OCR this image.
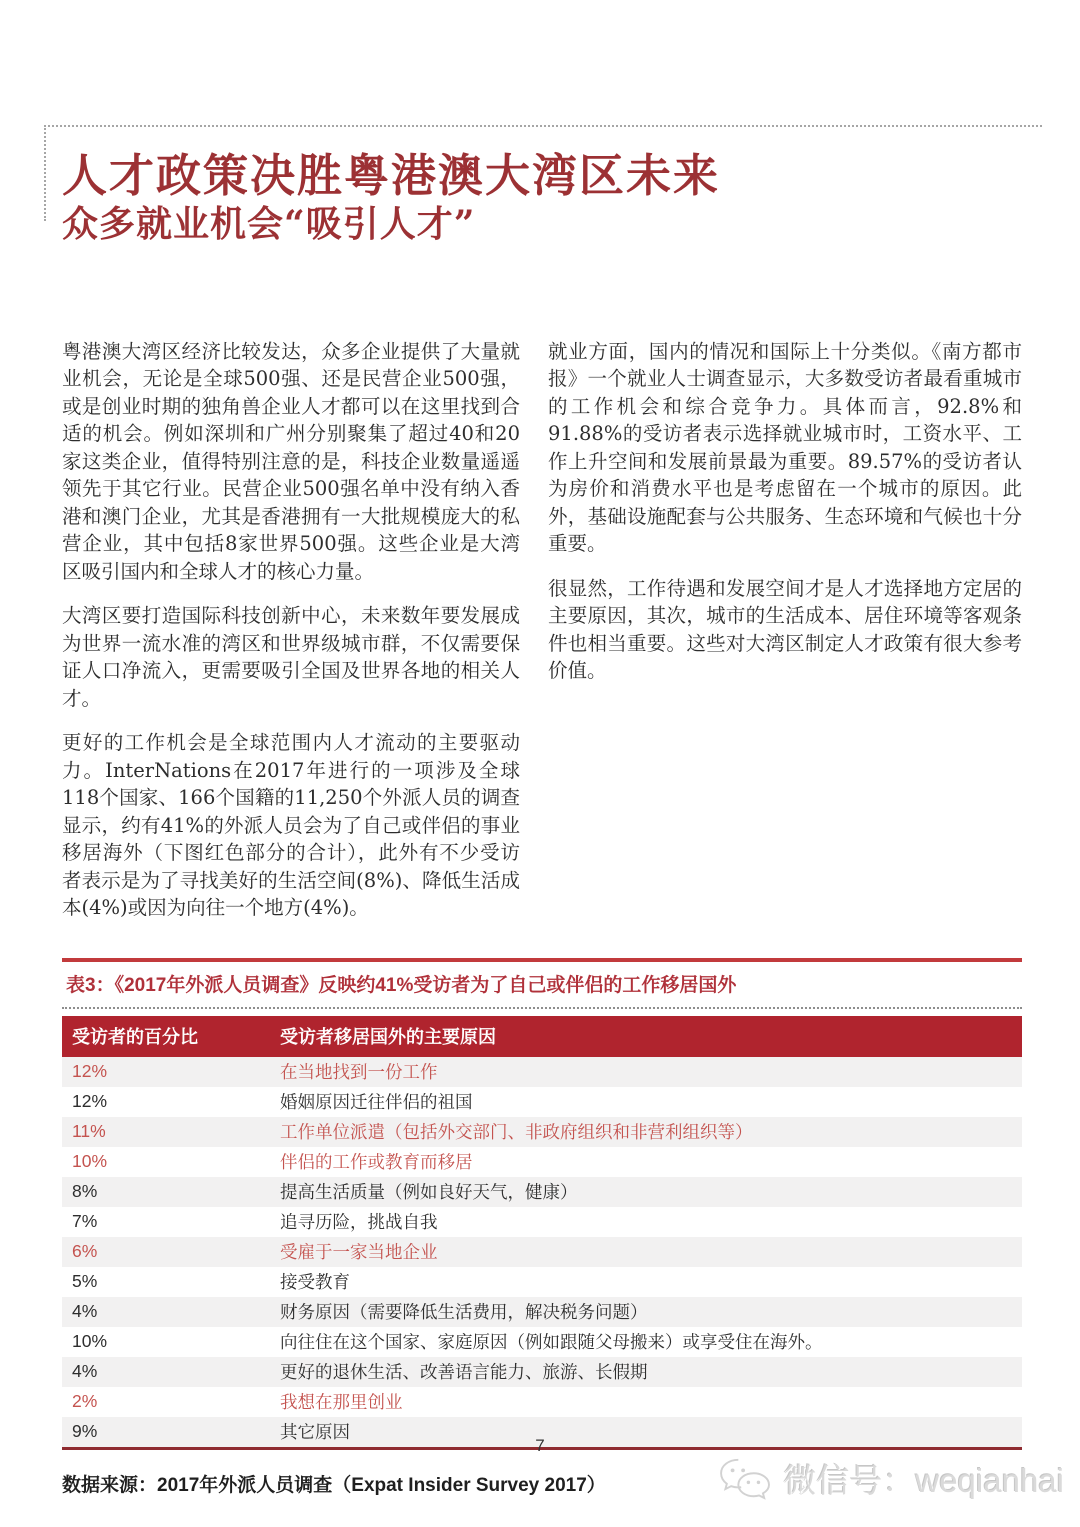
人才政策决胜粤港澳大湾区未来
众多就业机会“吸引人才”

粤港澳大湾区经济比较发达，众多企业提供了大量就业机会，无论是全球500强、还是民营企业500强，或是创业时期的独角兽企业人才都可以在这里找到合适的机会。例如深圳和广州分别聚集了超过40和20家这类企业，值得特别注意的是，科技企业数量遥遥领先于其它行业。民营企业500强名单中没有纳入香港和澳门企业，尤其是香港拥有一大批规模庞大的私营企业，其中包括8家世界500强。这些企业是大湾区吸引国内和全球人才的核心力量。

大湾区要打造国际科技创新中心，未来数年要发展成为世界一流水准的湾区和世界级城市群，不仅需要保证人口净流入，更需要吸引全国及世界各地的相关人才。

更好的工作机会是全球范围内人才流动的主要驱动力。InterNations在2017年进行的一项涉及全球118个国家、166个国籍的11,250个外派人员的调查显示，约有41%的外派人员会为了自己或伴侣的事业移居海外（下图红色部分的合计），此外有不少受访者表示是为了寻找美好的生活空间(8%)、降低生活成本(4%)或因为向往一个地方(4%)。

就业方面，国内的情况和国际上十分类似。《南方都市报》一个就业人士调查显示，大多数受访者最看重城市的工作机会和综合竞争力。具体而言，92.8%和91.88%的受访者表示选择就业城市时，工资水平、工作上升空间和发展前景最为重要。89.57%的受访者认为房价和消费水平也是考虑留在一个城市的原因。此外，基础设施配套与公共服务、生态环境和气候也十分重要。

很显然，工作待遇和发展空间才是人才选择地方定居的主要原因，其次，城市的生活成本、居住环境等客观条件也相当重要。这些对大湾区制定人才政策有很大参考价值。

表3：《2017年外派人员调查》反映约41%受访者为了自己或伴侣的工作移居国外
受访者的百分比	受访者移居国外的主要原因
12%	在当地找到一份工作
12%	婚姻原因迁往伴侣的祖国
11%	工作单位派遣（包括外交部门、非政府组织和非营利组织等）
10%	伴侣的工作或教育而移居
8%	提高生活质量（例如良好天气，健康）
7%	追寻历险，挑战自我
6%	受雇于一家当地企业
5%	接受教育
4%	财务原因（需要降低生活费用，解决税务问题）
10%	向往住在这个国家、家庭原因（例如跟随父母搬来）或享受住在海外。
4%	更好的退休生活、改善语言能力、旅游、长假期
2%	我想在那里创业
9%	其它原因
数据来源：2017年外派人员调查（Expat Insider Survey 2017）
7
微信号：weqianhai
